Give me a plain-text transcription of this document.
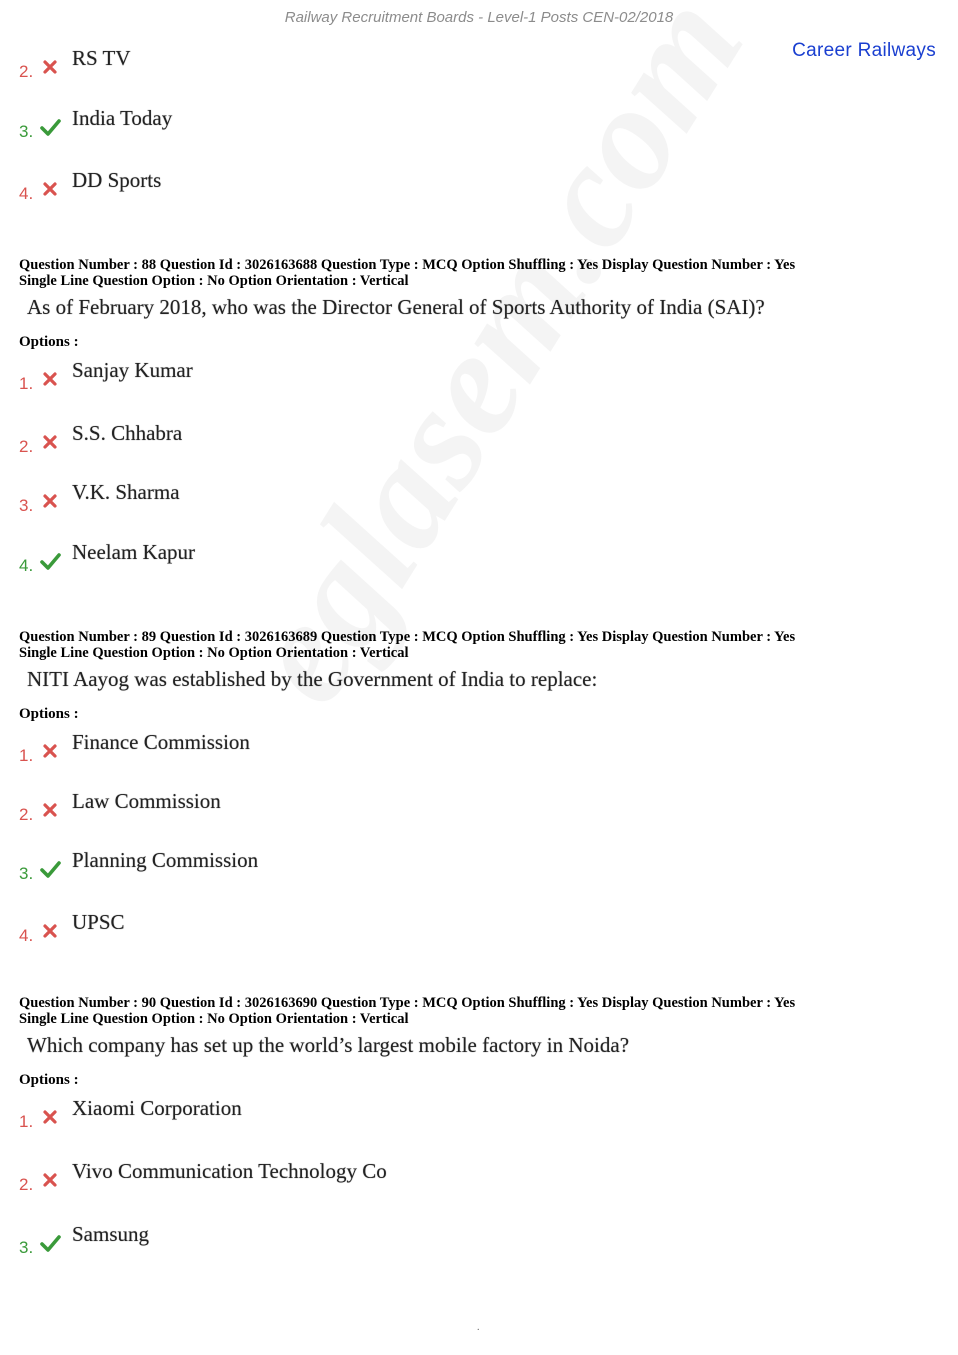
Railway Recruitment Boards - Level-1 Posts CEN-02/2018
Career Railways
2.
RS TV
3.
India Today
4.
DD Sports
Question Number : 88 Question Id : 3026163688 Question Type : MCQ Option Shuffling : Yes Display Question Number : Yes
Single Line Question Option : No Option Orientation : Vertical
As of February 2018, who was the Director General of Sports Authority of India (SAI)?
Options :
1.
Sanjay Kumar
2.
S.S. Chhabra
3.
V.K. Sharma
4.
Neelam Kapur
Question Number : 89 Question Id : 3026163689 Question Type : MCQ Option Shuffling : Yes Display Question Number : Yes
Single Line Question Option : No Option Orientation : Vertical
NITI Aayog was established by the Government of India to replace:
Options :
1.
Finance Commission
2.
Law Commission
3.
Planning Commission
4.
UPSC
Question Number : 90 Question Id : 3026163690 Question Type : MCQ Option Shuffling : Yes Display Question Number : Yes
Single Line Question Option : No Option Orientation : Vertical
Which company has set up the world’s largest mobile factory in Noida?
Options :
1.
Xiaomi Corporation
2.
Vivo Communication Technology Co
3.
Samsung
.
